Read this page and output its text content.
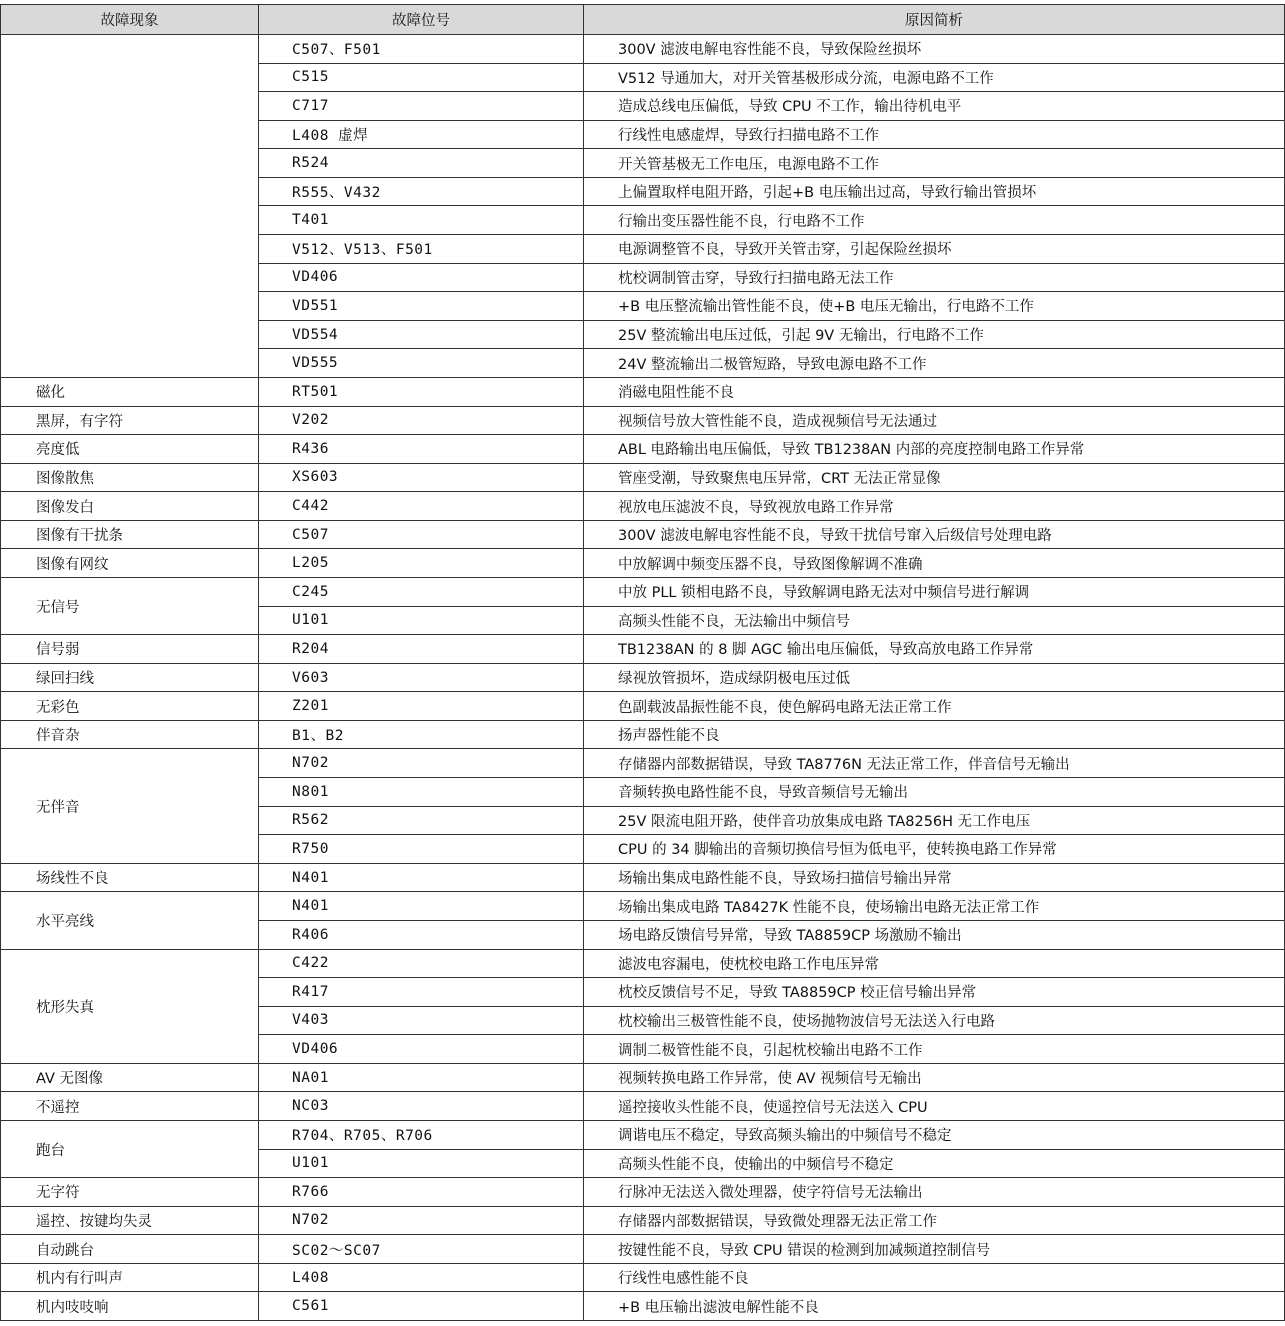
故障现象	故障位号	原因简析
	C507、F501	300V 滤波电解电容性能不良，导致保险丝损坏
	C515	V512 导通加大，对开关管基极形成分流，电源电路不工作
	C717	造成总线电压偏低，导致 CPU 不工作，输出待机电平
	L408 虚焊	行线性电感虚焊，导致行扫描电路不工作
	R524	开关管基极无工作电压，电源电路不工作
	R555、V432	上偏置取样电阻开路，引起+B 电压输出过高，导致行输出管损坏
	T401	行输出变压器性能不良，行电路不工作
	V512、V513、F501	电源调整管不良，导致开关管击穿，引起保险丝损坏
	VD406	枕校调制管击穿，导致行扫描电路无法工作
	VD551	+B 电压整流输出管性能不良，使+B 电压无输出，行电路不工作
	VD554	25V 整流输出电压过低，引起 9V 无输出，行电路不工作
	VD555	24V 整流输出二极管短路，导致电源电路不工作
磁化	RT501	消磁电阻性能不良
黑屏，有字符	V202	视频信号放大管性能不良，造成视频信号无法通过
亮度低	R436	ABL 电路输出电压偏低，导致 TB1238AN 内部的亮度控制电路工作异常
图像散焦	XS603	管座受潮，导致聚焦电压异常，CRT 无法正常显像
图像发白	C442	视放电压滤波不良，导致视放电路工作异常
图像有干扰条	C507	300V 滤波电解电容性能不良，导致干扰信号窜入后级信号处理电路
图像有网纹	L205	中放解调中频变压器不良，导致图像解调不准确
无信号	C245	中放 PLL 锁相电路不良，导致解调电路无法对中频信号进行解调
	U101	高频头性能不良，无法输出中频信号
信号弱	R204	TB1238AN 的 8 脚 AGC 输出电压偏低，导致高放电路工作异常
绿回扫线	V603	绿视放管损坏，造成绿阴极电压过低
无彩色	Z201	色副载波晶振性能不良，使色解码电路无法正常工作
伴音杂	B1、B2	扬声器性能不良
无伴音	N702	存储器内部数据错误，导致 TA8776N 无法正常工作，伴音信号无输出
	N801	音频转换电路性能不良，导致音频信号无输出
	R562	25V 限流电阻开路，使伴音功放集成电路 TA8256H 无工作电压
	R750	CPU 的 34 脚输出的音频切换信号恒为低电平，使转换电路工作异常
场线性不良	N401	场输出集成电路性能不良，导致场扫描信号输出异常
水平亮线	N401	场输出集成电路 TA8427K 性能不良，使场输出电路无法正常工作
	R406	场电路反馈信号异常，导致 TA8859CP 场激励不输出
枕形失真	C422	滤波电容漏电，使枕校电路工作电压异常
	R417	枕校反馈信号不足，导致 TA8859CP 校正信号输出异常
	V403	枕校输出三极管性能不良，使场抛物波信号无法送入行电路
	VD406	调制二极管性能不良，引起枕校输出电路不工作
AV 无图像	NA01	视频转换电路工作异常，使 AV 视频信号无输出
不遥控	NC03	遥控接收头性能不良，使遥控信号无法送入 CPU
跑台	R704、R705、R706	调谐电压不稳定，导致高频头输出的中频信号不稳定
	U101	高频头性能不良，使输出的中频信号不稳定
无字符	R766	行脉冲无法送入微处理器，使字符信号无法输出
遥控、按键均失灵	N702	存储器内部数据错误，导致微处理器无法正常工作
自动跳台	SC02～SC07	按键性能不良，导致 CPU 错误的检测到加减频道控制信号
机内有行叫声	L408	行线性电感性能不良
机内吱吱响	C561	+B 电压输出滤波电解性能不良
